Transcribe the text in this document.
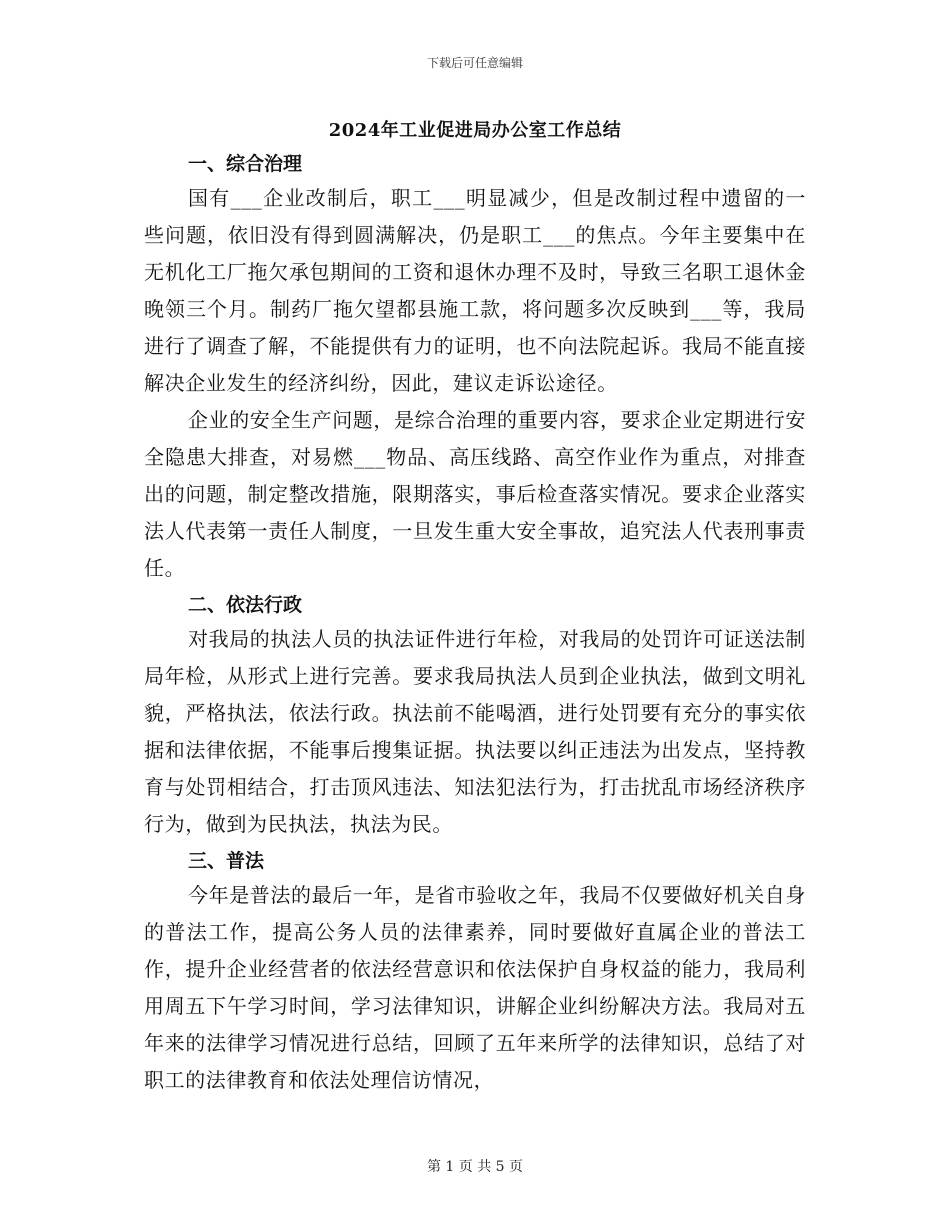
下载后可任意编辑
2024年工业促进局办公室工作总结

一、综合治理

国有___企业改制后，职工___明显减少，但是改制过程中遗留的一些问题，依旧没有得到圆满解决，仍是职工___的焦点。今年主要集中在无机化工厂拖欠承包期间的工资和退休办理不及时，导致三名职工退休金晚领三个月。制药厂拖欠望都县施工款，将问题多次反映到___等，我局进行了调查了解，不能提供有力的证明，也不向法院起诉。我局不能直接解决企业发生的经济纠纷，因此，建议走诉讼途径。

企业的安全生产问题，是综合治理的重要内容，要求企业定期进行安全隐患大排查，对易燃___物品、高压线路、高空作业作为重点，对排查出的问题，制定整改措施，限期落实，事后检查落实情况。要求企业落实法人代表第一责任人制度，一旦发生重大安全事故，追究法人代表刑事责任。

二、依法行政

对我局的执法人员的执法证件进行年检，对我局的处罚许可证送法制局年检，从形式上进行完善。要求我局执法人员到企业执法，做到文明礼貌，严格执法，依法行政。执法前不能喝酒，进行处罚要有充分的事实依据和法律依据，不能事后搜集证据。执法要以纠正违法为出发点，坚持教育与处罚相结合，打击顶风违法、知法犯法行为，打击扰乱市场经济秩序行为，做到为民执法，执法为民。

三、普法

今年是普法的最后一年，是省市验收之年，我局不仅要做好机关自身的普法工作，提高公务人员的法律素养，同时要做好直属企业的普法工作，提升企业经营者的依法经营意识和依法保护自身权益的能力，我局利用周五下午学习时间，学习法律知识，讲解企业纠纷解决方法。我局对五年来的法律学习情况进行总结，回顾了五年来所学的法律知识，总结了对职工的法律教育和依法处理信访情况，

第 1 页 共 5 页
